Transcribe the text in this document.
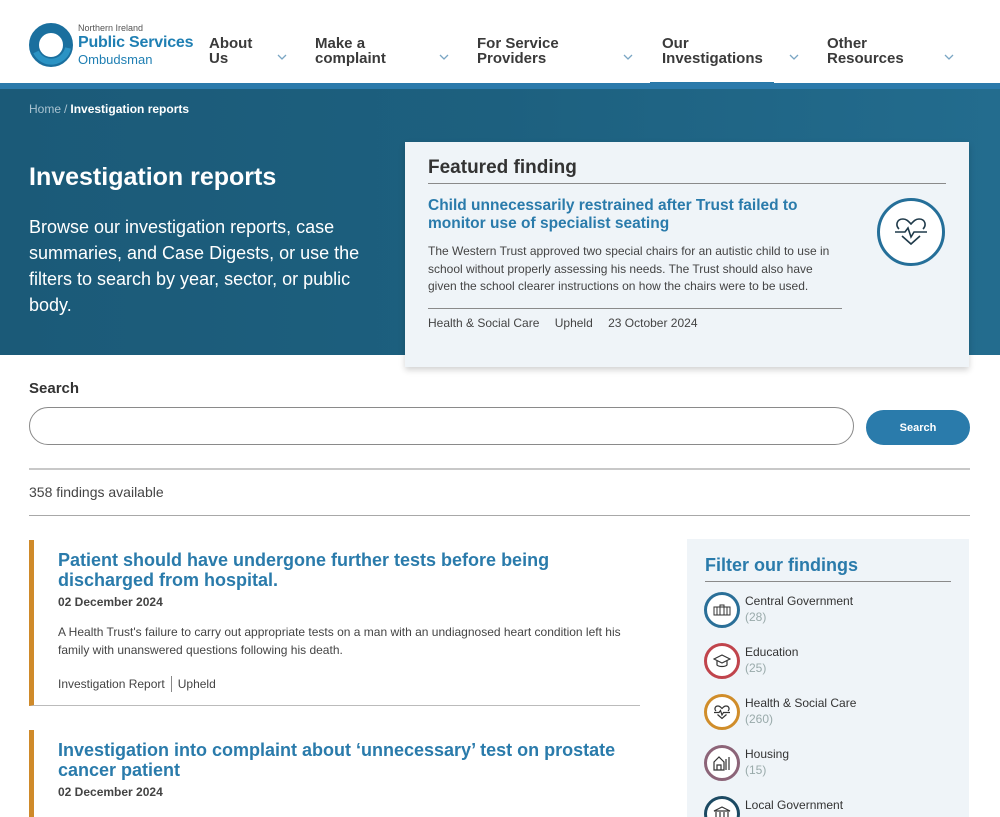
Northern Ireland
Public Services
Ombudsman
About Us
Make a complaint
For Service Providers
Our Investigations
Other Resources
Home / Investigation reports
Investigation reports

Browse our investigation reports, case summaries, and Case Digests, or use the filters to search by year, sector, or public body.

Featured finding
Child unnecessarily restrained after Trust failed to monitor use of specialist seating

The Western Trust approved two special chairs for an autistic child to use in school without properly assessing his needs. The Trust should also have given the school clearer instructions on how the chairs were to be used.

Health & Social Care Upheld 23 October 2024
Search
Search
358 findings available
Patient should have undergone further tests before being discharged from hospital.
02 December 2024

A Health Trust's failure to carry out appropriate tests on a man with an undiagnosed heart condition left his family with unanswered questions following his death.

Investigation Report Upheld
Investigation into complaint about ‘unnecessary’ test on prostate cancer patient
02 December 2024
Filter our findings
Central Government
(28)
Education
(25)
Health & Social Care
(260)
Housing
(15)
Local Government
